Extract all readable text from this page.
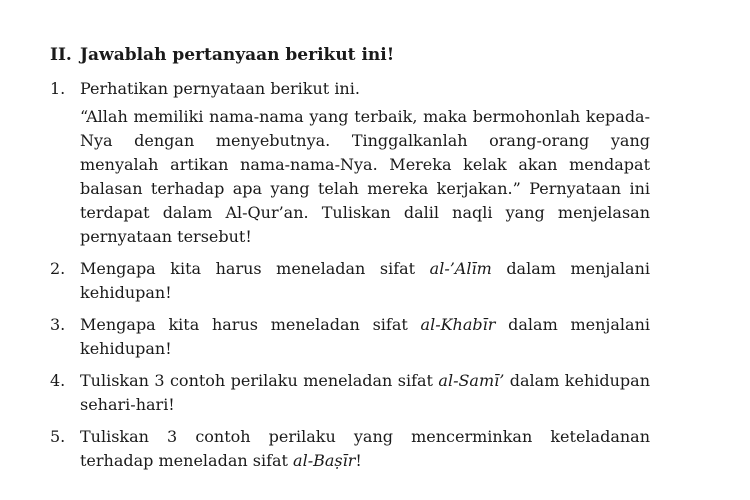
II. Jawablah pertanyaan berikut ini!
1. Perhatikan pernyataan berikut ini.
“Allah memiliki nama-nama yang terbaik, maka bermohonlah kepada-Nya dengan menyebutnya. Tinggalkanlah orang-orang yang menyalah artikan nama-nama-Nya. Mereka kelak akan mendapat balasan terhadap apa yang telah mereka kerjakan.” Pernyataan ini terdapat dalam Al-Qur’an. Tuliskan dalil naqli yang menjelasan pernyataan tersebut!
2. Mengapa kita harus meneladan sifat al-’Alīm dalam menjalani kehidupan!
3. Mengapa kita harus meneladan sifat al-Khabīr dalam menjalani kehidupan!
4. Tuliskan 3 contoh perilaku meneladan sifat al-Samī’ dalam kehidupan sehari-hari!
5. Tuliskan 3 contoh perilaku yang mencerminkan keteladanan terhadap meneladan sifat al-Baṣīr!
